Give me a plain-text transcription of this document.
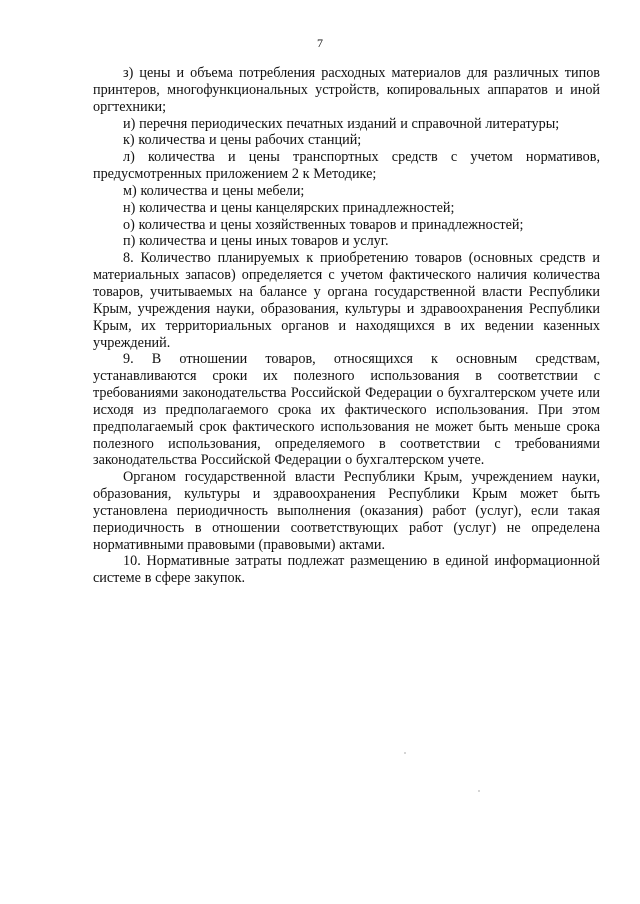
7

з) цены и объема потребления расходных материалов для различных типов принтеров, многофункциональных устройств, копировальных аппаратов и иной оргтехники;

и) перечня периодических печатных изданий и справочной литературы;

к) количества и цены рабочих станций;

л) количества и цены транспортных средств с учетом нормативов, предусмотренных приложением 2 к Методике;

м) количества и цены мебели;

н) количества и цены канцелярских принадлежностей;

о) количества и цены хозяйственных товаров и принадлежностей;

п) количества и цены иных товаров и услуг.

8. Количество планируемых к приобретению товаров (основных средств и материальных запасов) определяется с учетом фактического наличия количества товаров, учитываемых на балансе у органа государственной власти Республики Крым, учреждения науки, образования, культуры и здравоохранения Республики Крым, их территориальных органов и находящихся в их ведении казенных учреждений.

9. В отношении товаров, относящихся к основным средствам, устанавливаются сроки их полезного использования в соответствии с требованиями законодательства Российской Федерации о бухгалтерском учете или исходя из предполагаемого срока их фактического использования. При этом предполагаемый срок фактического использования не может быть меньше срока полезного использования, определяемого в соответствии с требованиями законодательства Российской Федерации о бухгалтерском учете.

Органом государственной власти Республики Крым, учреждением науки, образования, культуры и здравоохранения Республики Крым может быть установлена периодичность выполнения (оказания) работ (услуг), если такая периодичность в отношении соответствующих работ (услуг) не определена нормативными правовыми (правовыми) актами.

10. Нормативные затраты подлежат размещению в единой информационной системе в сфере закупок.
